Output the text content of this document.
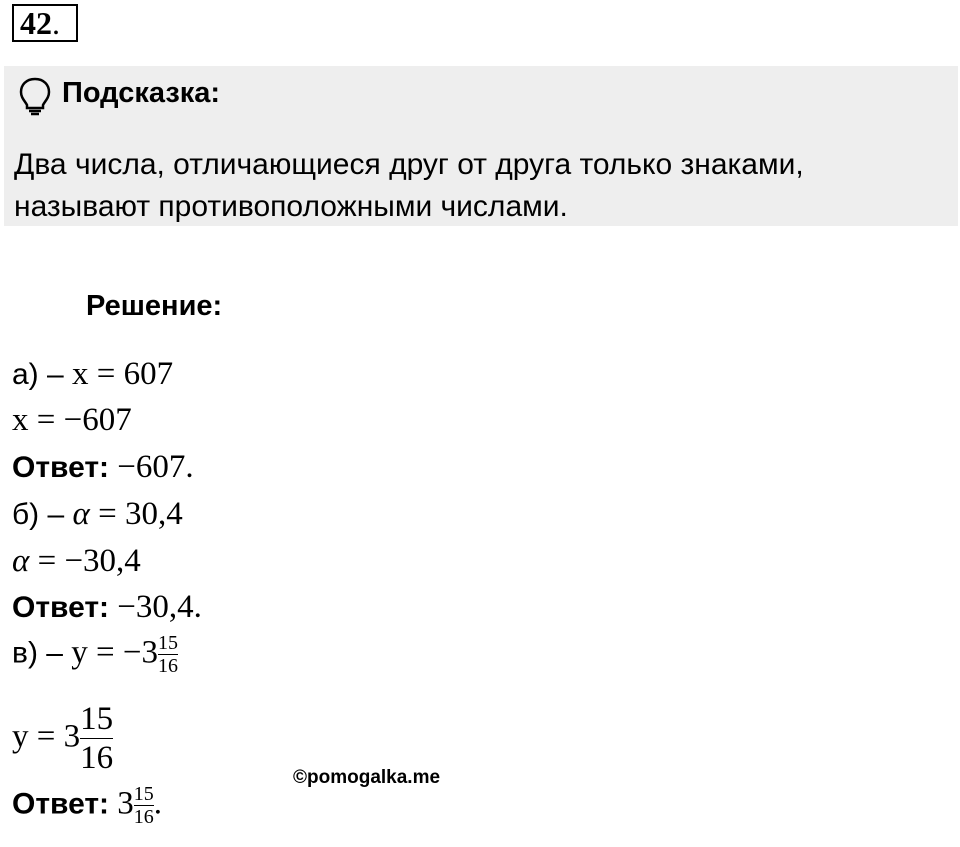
42.
Подсказка:
Два числа, отличающиеся друг от друга только знаками, называют противоположными числами.
Решение:
а) – x = 607
x = −607
Ответ: −607.
б) – α = 30,4
α = −30,4
Ответ: −30,4.
$в) - y = -3 \frac{15}{16}$
$y = 3 \frac{15}{16}$
Ответ: $3 \frac{15}{16}$ .
©pomogalka.me
